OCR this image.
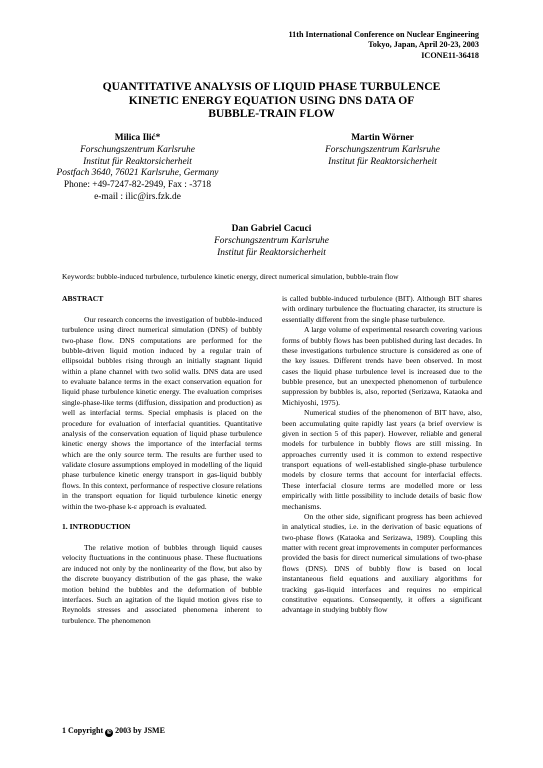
11th International Conference on Nuclear Engineering
Tokyo, Japan, April 20-23, 2003
ICONE11-36418
QUANTITATIVE ANALYSIS OF LIQUID PHASE TURBULENCE
KINETIC ENERGY EQUATION USING DNS DATA OF
BUBBLE-TRAIN FLOW
Milica Ilić*
Forschungszentrum Karlsruhe
Institut für Reaktorsicherheit
Postfach 3640, 76021 Karlsruhe, Germany
Phone: +49-7247-82-2949, Fax : -3718
e-mail : ilic@irs.fzk.de
Martin Wörner
Forschungszentrum Karlsruhe
Institut für Reaktorsicherheit
Dan Gabriel Cacuci
Forschungszentrum Karlsruhe
Institut für Reaktorsicherheit
Keywords: bubble-induced turbulence, turbulence kinetic energy, direct numerical simulation, bubble-train flow
ABSTRACT

Our research concerns the investigation of bubble-induced turbulence using direct numerical simulation (DNS) of bubbly two-phase flow. DNS computations are performed for the bubble-driven liquid motion induced by a regular train of ellipsoidal bubbles rising through an initially stagnant liquid within a plane channel with two solid walls. DNS data are used to evaluate balance terms in the exact conservation equation for liquid phase turbulence kinetic energy. The evaluation comprises single-phase-like terms (diffusion, dissipation and production) as well as interfacial terms. Special emphasis is placed on the procedure for evaluation of interfacial quantities. Quantitative analysis of the conservation equation of liquid phase turbulence kinetic energy shows the importance of the interfacial terms which are the only source term. The results are further used to validate closure assumptions employed in modelling of the liquid phase turbulence kinetic energy transport in gas-liquid bubbly flows. In this context, performance of respective closure relations in the transport equation for liquid turbulence kinetic energy within the two-phase k-ε approach is evaluated.

1. INTRODUCTION

The relative motion of bubbles through liquid causes velocity fluctuations in the continuous phase. These fluctuations are induced not only by the nonlinearity of the flow, but also by the discrete buoyancy distribution of the gas phase, the wake motion behind the bubbles and the deformation of bubble interfaces. Such an agitation of the liquid motion gives rise to Reynolds stresses and associated phenomena inherent to turbulence. The phenomenon

is called bubble-induced turbulence (BIT). Although BIT shares with ordinary turbulence the fluctuating character, its structure is essentially different from the single phase turbulence.

A large volume of experimental research covering various forms of bubbly flows has been published during last decades. In these investigations turbulence structure is considered as one of the key issues. Different trends have been observed. In most cases the liquid phase turbulence level is increased due to the bubble presence, but an unexpected phenomenon of turbulence suppression by bubbles is, also, reported (Serizawa, Kataoka and Michiyoshi, 1975).

Numerical studies of the phenomenon of BIT have, also, been accumulating quite rapidly last years (a brief overview is given in section 5 of this paper). However, reliable and general models for turbulence in bubbly flows are still missing. In approaches currently used it is common to extend respective transport equations of well-established single-phase turbulence models by closure terms that account for interfacial effects. These interfacial closure terms are modelled more or less empirically with little possibility to include details of basic flow mechanisms.

On the other side, significant progress has been achieved in analytical studies, i.e. in the derivation of basic equations of two-phase flows (Kataoka and Serizawa, 1989). Coupling this matter with recent great improvements in computer performances provided the basis for direct numerical simulations of two-phase flows (DNS). DNS of bubbly flow is based on local instantaneous field equations and auxiliary algorithms for tracking gas-liquid interfaces and requires no empirical constitutive equations. Consequently, it offers a significant advantage in studying bubbly flow

1 Copyright © 2003 by JSME
